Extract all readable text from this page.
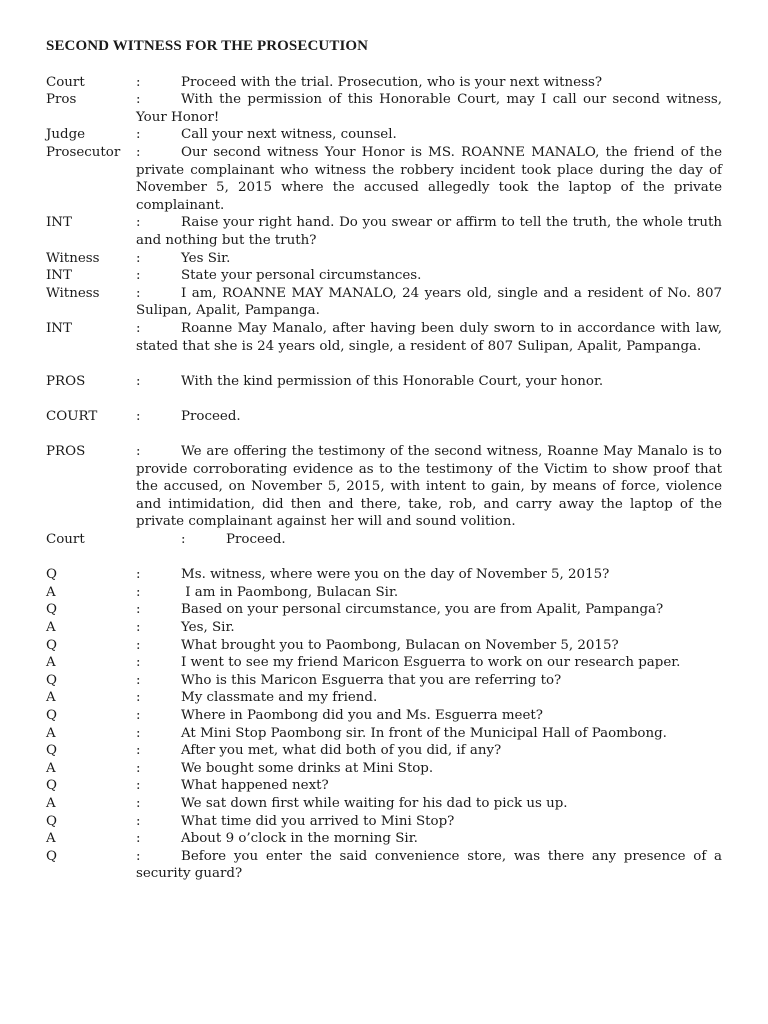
SECOND WITNESS FOR THE PROSECUTION
Court	:	Proceed with the trial. Prosecution, who is your next witness?
Pros	:	With the permission of this Honorable Court, may I call our second witness, Your Honor!
Judge	:	Call your next witness, counsel.
Prosecutor	:	Our second witness Your Honor is MS. ROANNE MANALO, the friend of the private complainant who witness the robbery incident took place during the day of November 5, 2015 where the accused allegedly took the laptop of the private complainant.
INT	:	Raise your right hand. Do you swear or affirm to tell the truth, the whole truth and nothing but the truth?
Witness	:	Yes Sir.
INT	:	State your personal circumstances.
Witness	:	I am, ROANNE MAY MANALO, 24 years old, single and a resident of No. 807 Sulipan, Apalit, Pampanga.
INT	:	Roanne May Manalo, after having been duly sworn to in accordance with law, stated that she is 24 years old, single, a resident of 807 Sulipan, Apalit, Pampanga.
PROS	:	With the kind permission of this Honorable Court, your honor.
COURT	:	Proceed.
PROS	:	We are offering the testimony of the second witness, Roanne May Manalo is to provide corroborating evidence as to the testimony of the Victim to show proof that the accused, on November 5, 2015, with intent to gain, by means of force, violence and intimidation, did then and there, take, rob, and carry away the laptop of the private complainant against her will and sound volition.
Court	:	Proceed.
Q	:	Ms. witness, where were you on the day of November 5, 2015?
A	:	I am in Paombong, Bulacan Sir.
Q	:	Based on your personal circumstance, you are from Apalit, Pampanga?
A	:	Yes, Sir.
Q	:	What brought you to Paombong, Bulacan on November 5, 2015?
A	:	I went to see my friend Maricon Esguerra to work on our research paper.
Q	:	Who is this Maricon Esguerra that you are referring to?
A	:	My classmate and my friend.
Q	:	Where in Paombong did you and Ms. Esguerra meet?
A	:	At Mini Stop Paombong sir. In front of the Municipal Hall of Paombong.
Q	:	After you met, what did both of you did, if any?
A	:	We bought some drinks at Mini Stop.
Q	:	What happened next?
A	:	We sat down first while waiting for his dad to pick us up.
Q	:	What time did you arrived to Mini Stop?
A	:	About 9 o’clock in the morning Sir.
Q	:	Before you enter the said convenience store, was there any presence of a security guard?
